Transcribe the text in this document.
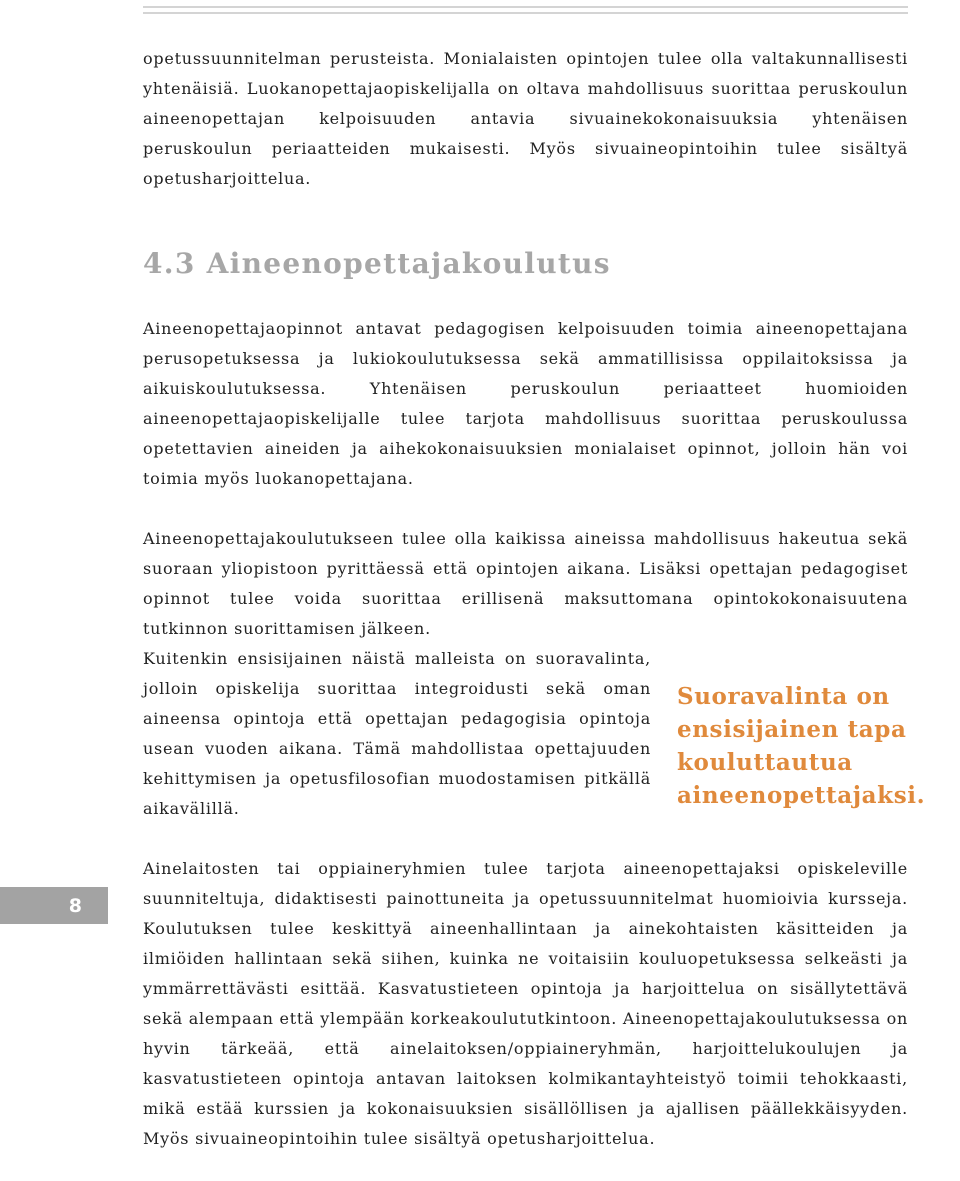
opetussuunnitelman perusteista. Monialaisten opintojen tulee olla valtakunnallisesti yhtenäisiä. Luokanopettajaopiskelijalla on oltava mahdollisuus suorittaa peruskoulun aineenopettajan kelpoisuuden antavia sivuainekokonaisuuksia yhtenäisen peruskoulun periaatteiden mukaisesti. Myös sivuaineopintoihin tulee sisältyä opetusharjoittelua.

4.3 Aineenopettajakoulutus

Aineenopettajaopinnot antavat pedagogisen kelpoisuuden toimia aineenopettajana perusopetuksessa ja lukiokoulutuksessa sekä ammatillisissa oppilaitoksissa ja aikuiskoulutuksessa. Yhtenäisen peruskoulun periaatteet huomioiden aineenopettajaopiskelijalle tulee tarjota mahdollisuus suorittaa peruskoulussa opetettavien aineiden ja aihekokonaisuuksien monialaiset opinnot, jolloin hän voi toimia myös luokanopettajana.

Aineenopettajakoulutukseen tulee olla kaikissa aineissa mahdollisuus hakeutua sekä suoraan yliopistoon pyrittäessä että opintojen aikana. Lisäksi opettajan pedagogiset opinnot tulee voida suorittaa erillisenä maksuttomana opintokokonaisuutena tutkinnon suorittamisen jälkeen.

Kuitenkin ensisijainen näistä malleista on suoravalinta, jolloin opiskelija suorittaa integroidusti sekä oman aineensa opintoja että opettajan pedagogisia opintoja usean vuoden aikana. Tämä mahdollistaa opettajuuden kehittymisen ja opetusfilosofian muodostamisen pitkällä aikavälillä.

Suoravalinta on ensisijainen tapa kouluttautua aineenopettajaksi.

8

Ainelaitosten tai oppiaineryhmien tulee tarjota aineenopettajaksi opiskeleville suunniteltuja, didaktisesti painottuneita ja opetussuunnitelmat huomioivia kursseja. Koulutuksen tulee keskittyä aineenhallintaan ja ainekohtaisten käsitteiden ja ilmiöiden hallintaan sekä siihen, kuinka ne voitaisiin kouluopetuksessa selkeästi ja ymmärrettävästi esittää. Kasvatustieteen opintoja ja harjoittelua on sisällytettävä sekä alempaan että ylempään korkeakoulututkintoon. Aineenopettajakoulutuksessa on hyvin tärkeää, että ainelaitoksen/oppiaineryhmän, harjoittelukoulujen ja kasvatustieteen opintoja antavan laitoksen kolmikantayhteistyö toimii tehokkaasti, mikä estää kurssien ja kokonaisuuksien sisällöllisen ja ajallisen päällekkäisyyden. Myös sivuaineopintoihin tulee sisältyä opetusharjoittelua.
